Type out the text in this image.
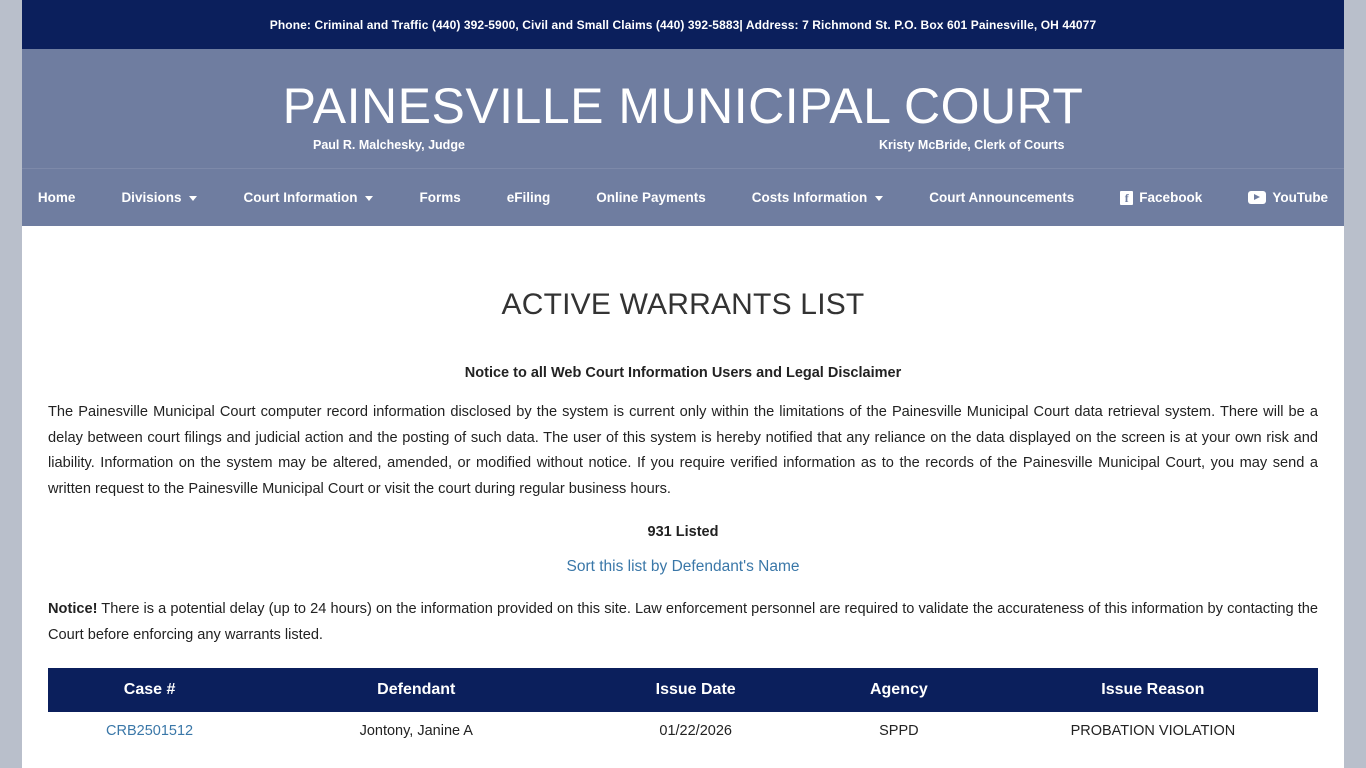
Phone: Criminal and Traffic (440) 392-5900, Civil and Small Claims (440) 392-5883| Address: 7 Richmond St. P.O. Box 601 Painesville, OH 44077
PAINESVILLE MUNICIPAL COURT
Paul R. Malchesky, Judge	Kristy McBride, Clerk of Courts
Home	Divisions	Court Information	Forms	eFiling	Online Payments	Costs Information	Court Announcements	f Facebook	YouTube
ACTIVE WARRANTS LIST
Notice to all Web Court Information Users and Legal Disclaimer

The Painesville Municipal Court computer record information disclosed by the system is current only within the limitations of the Painesville Municipal Court data retrieval system. There will be a delay between court filings and judicial action and the posting of such data. The user of this system is hereby notified that any reliance on the data displayed on the screen is at your own risk and liability. Information on the system may be altered, amended, or modified without notice. If you require verified information as to the records of the Painesville Municipal Court, you may send a written request to the Painesville Municipal Court or visit the court during regular business hours.

931 Listed
Sort this list by Defendant's Name

Notice! There is a potential delay (up to 24 hours) on the information provided on this site. Law enforcement personnel are required to validate the accurateness of this information by contacting the Court before enforcing any warrants listed.

Case #	Defendant	Issue Date	Agency	Issue Reason
CRB2501512	Jontony, Janine A	01/22/2026	SPPD	PROBATION VIOLATION
